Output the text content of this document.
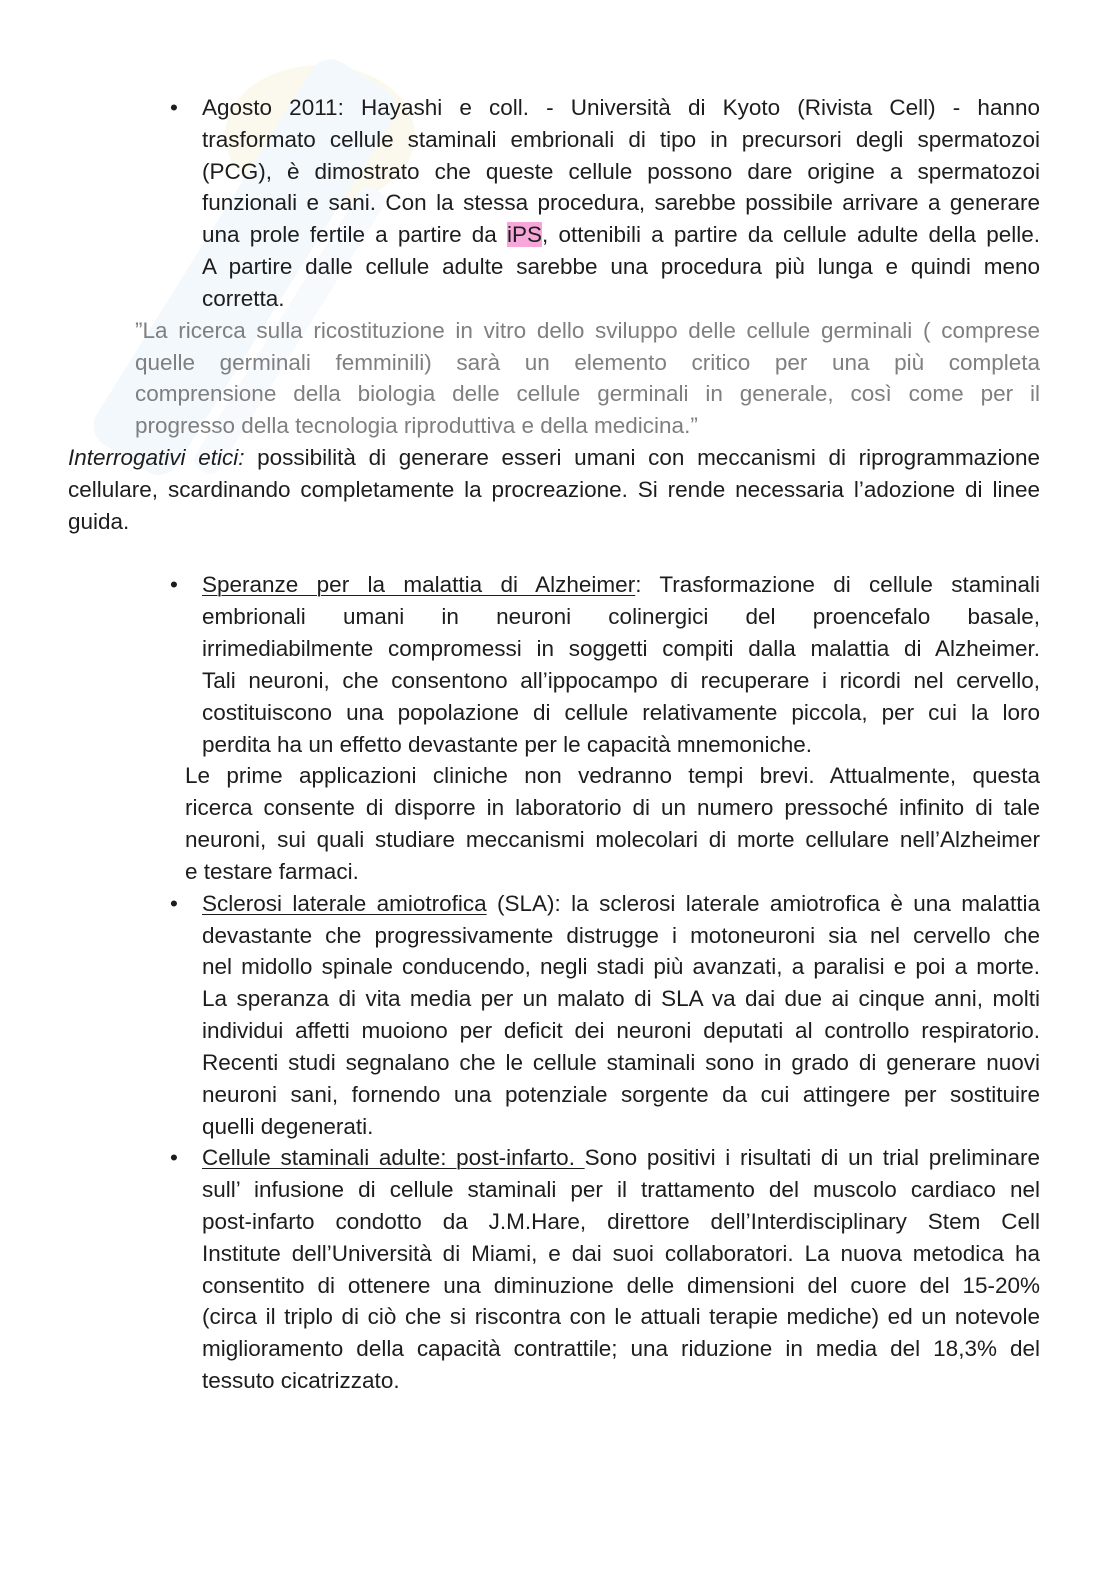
• Agosto 2011: Hayashi e coll. - Università di Kyoto (Rivista Cell) - hanno
trasformato cellule staminali embrionali di tipo in precursori degli spermatozoi
(PCG), è dimostrato che queste cellule possono dare origine a spermatozoi
funzionali e sani. Con la stessa procedura, sarebbe possibile arrivare a generare
una prole fertile a partire da iPS, ottenibili a partire da cellule adulte della pelle.
A partire dalle cellule adulte sarebbe una procedura più lunga e quindi meno
corretta.
”La ricerca sulla ricostituzione in vitro dello sviluppo delle cellule germinali ( comprese
quelle germinali femminili) sarà un elemento critico per una più completa
comprensione della biologia delle cellule germinali in generale, così come per il
progresso della tecnologia riproduttiva e della medicina.”
Interrogativi etici: possibilità di generare esseri umani con meccanismi di riprogrammazione
cellulare, scardinando completamente la procreazione. Si rende necessaria l’adozione di linee
guida.
• Speranze per la malattia di Alzheimer: Trasformazione di cellule staminali
embrionali umani in neuroni colinergici del proencefalo basale,
irrimediabilmente compromessi in soggetti compiti dalla malattia di Alzheimer.
Tali neuroni, che consentono all’ippocampo di recuperare i ricordi nel cervello,
costituiscono una popolazione di cellule relativamente piccola, per cui la loro
perdita ha un effetto devastante per le capacità mnemoniche.
Le prime applicazioni cliniche non vedranno tempi brevi. Attualmente, questa
ricerca consente di disporre in laboratorio di un numero pressoché infinito di tale
neuroni, sui quali studiare meccanismi molecolari di morte cellulare nell’Alzheimer
e testare farmaci.
• Sclerosi laterale amiotrofica (SLA): la sclerosi laterale amiotrofica è una malattia
devastante che progressivamente distrugge i motoneuroni sia nel cervello che
nel midollo spinale conducendo, negli stadi più avanzati, a paralisi e poi a morte.
La speranza di vita media per un malato di SLA va dai due ai cinque anni, molti
individui affetti muoiono per deficit dei neuroni deputati al controllo respiratorio.
Recenti studi segnalano che le cellule staminali sono in grado di generare nuovi
neuroni sani, fornendo una potenziale sorgente da cui attingere per sostituire
quelli degenerati.
• Cellule staminali adulte: post-infarto. Sono positivi i risultati di un trial preliminare
sull’ infusione di cellule staminali per il trattamento del muscolo cardiaco nel
post-infarto condotto da J.M.Hare, direttore dell’Interdisciplinary Stem Cell
Institute dell’Università di Miami, e dai suoi collaboratori. La nuova metodica ha
consentito di ottenere una diminuzione delle dimensioni del cuore del 15-20%
(circa il triplo di ciò che si riscontra con le attuali terapie mediche) ed un notevole
miglioramento della capacità contrattile; una riduzione in media del 18,3% del
tessuto cicatrizzato.
